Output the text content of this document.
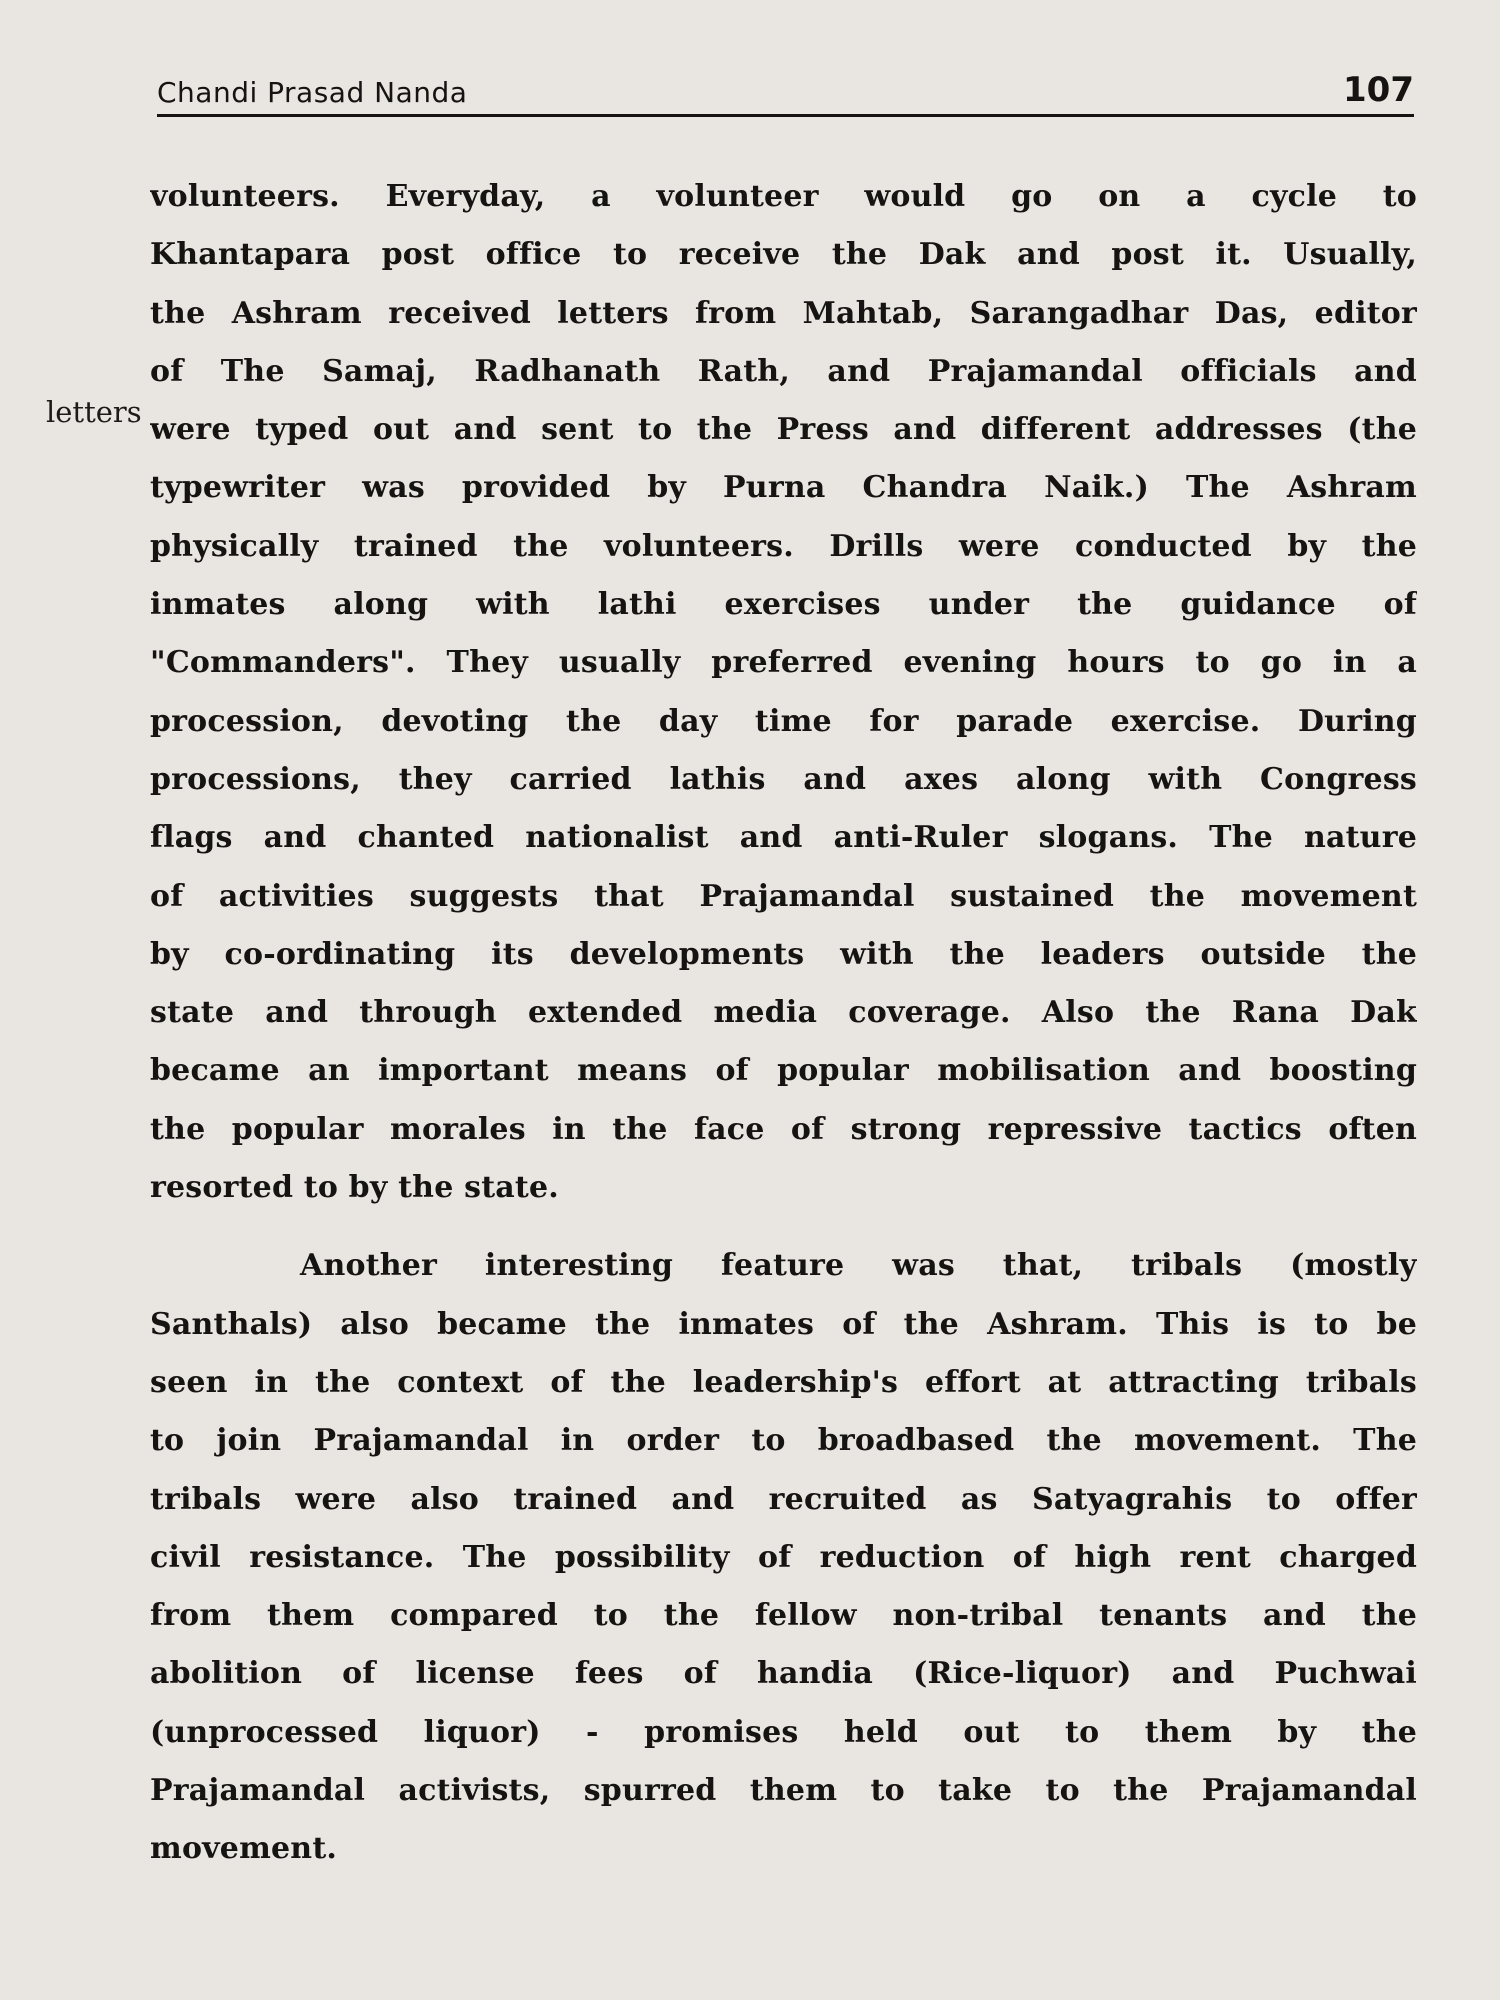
Chandi Prasad Nanda	107
letters
volunteers. Everyday, a volunteer would go on a cycle to
Khantapara post office to receive the Dak and post it. Usually,
the Ashram received letters from Mahtab, Sarangadhar Das, editor
of The Samaj, Radhanath Rath, and Prajamandal officials and
were typed out and sent to the Press and different addresses (the
typewriter was provided by Purna Chandra Naik.) The Ashram
physically trained the volunteers. Drills were conducted by the
inmates along with lathi exercises under the guidance of
"Commanders". They usually preferred evening hours to go in a
procession, devoting the day time for parade exercise. During
processions, they carried lathis and axes along with Congress
flags and chanted nationalist and anti-Ruler slogans. The nature
of activities suggests that Prajamandal sustained the movement
by co-ordinating its developments with the leaders outside the
state and through extended media coverage. Also the Rana Dak
became an important means of popular mobilisation and boosting
the popular morales in the face of strong repressive tactics often
resorted to by the state.
Another interesting feature was that, tribals (mostly
Santhals) also became the inmates of the Ashram. This is to be
seen in the context of the leadership's effort at attracting tribals
to join Prajamandal in order to broadbased the movement. The
tribals were also trained and recruited as Satyagrahis to offer
civil resistance. The possibility of reduction of high rent charged
from them compared to the fellow non-tribal tenants and the
abolition of license fees of handia (Rice-liquor) and Puchwai
(unprocessed liquor) - promises held out to them by the
Prajamandal activists, spurred them to take to the Prajamandal
movement.
